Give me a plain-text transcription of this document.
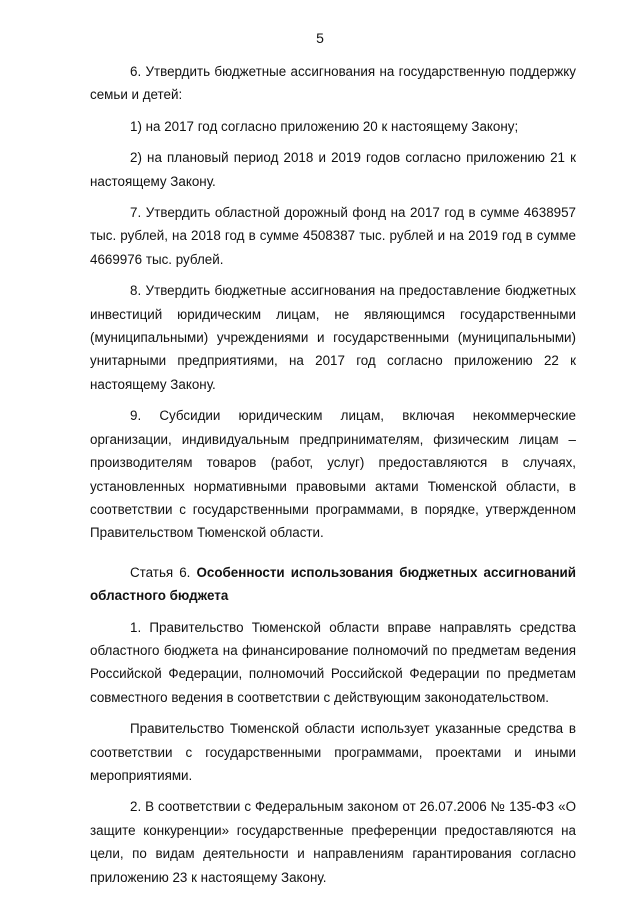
5

6. Утвердить бюджетные ассигнования на государственную поддержку семьи и детей:

1) на 2017 год согласно приложению 20 к настоящему Закону;

2) на плановый период 2018 и 2019 годов согласно приложению 21 к настоящему Закону.

7. Утвердить областной дорожный фонд на 2017 год в сумме 4638957 тыс. рублей, на 2018 год в сумме 4508387 тыс. рублей и на 2019 год в сумме 4669976 тыс. рублей.

8. Утвердить бюджетные ассигнования на предоставление бюджетных инвестиций юридическим лицам, не являющимся государственными (муниципальными) учреждениями и государственными (муниципальными) унитарными предприятиями, на 2017 год согласно приложению 22 к настоящему Закону.

9. Субсидии юридическим лицам, включая некоммерческие организации, индивидуальным предпринимателям, физическим лицам – производителям товаров (работ, услуг) предоставляются в случаях, установленных нормативными правовыми актами Тюменской области, в соответствии с государственными программами, в порядке, утвержденном Правительством Тюменской области.

Статья 6. Особенности использования бюджетных ассигнований областного бюджета

1. Правительство Тюменской области вправе направлять средства областного бюджета на финансирование полномочий по предметам ведения Российской Федерации, полномочий Российской Федерации по предметам совместного ведения в соответствии с действующим законодательством.

Правительство Тюменской области использует указанные средства в соответствии с государственными программами, проектами и иными мероприятиями.

2. В соответствии с Федеральным законом от 26.07.2006 № 135-ФЗ «О защите конкуренции» государственные преференции предоставляются на цели, по видам деятельности и направлениям гарантирования согласно приложению 23 к настоящему Закону.
